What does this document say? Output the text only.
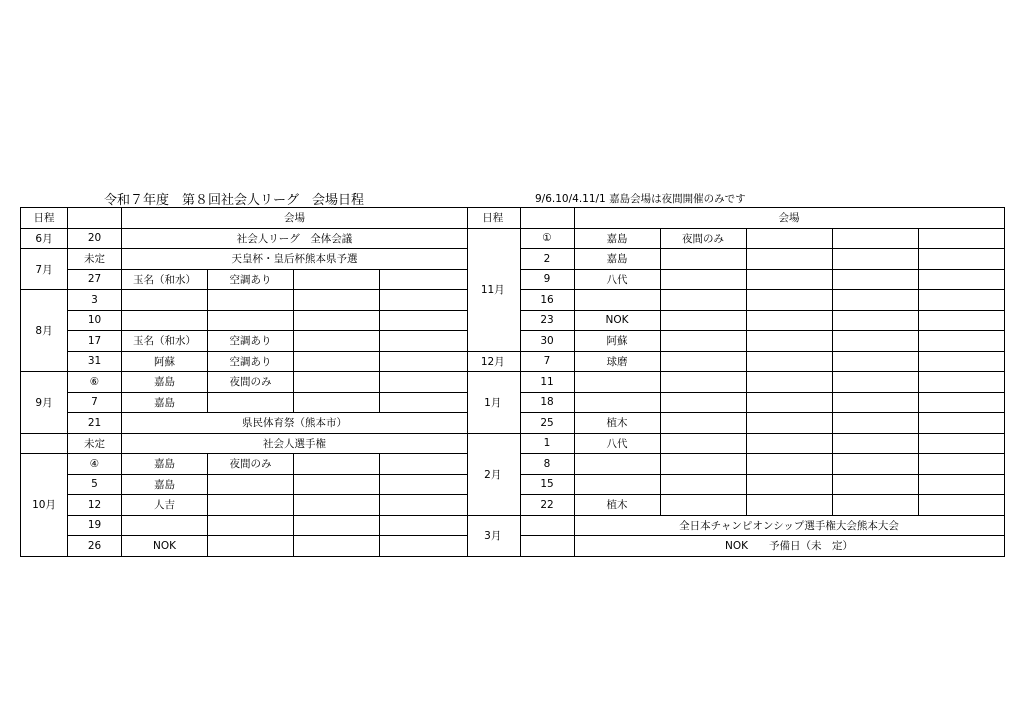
令和７年度　第８回社会人リーグ　会場日程	9/6.10/4.11/1 嘉島会場は夜間開催のみです
日程		会場			
6月	20	社会人リーグ　全体会議			
7月	未定	天皇杯・皇后杯熊本県予選			
	27	玉名（和水）	空調あり		
8月	3				
	10				
	17	玉名（和水）	空調あり		
	31	阿蘇	空調あり		
9月	⑥	嘉島	夜間のみ		
	7	嘉島			
	21	県民体育祭（熊本市）			
	未定	社会人選手権			
10月	④	嘉島	夜間のみ		
	5	嘉島			
	12	人吉			
	19				
	26	NOK			
日程		会場				
11月	①	嘉島	夜間のみ			
	2	嘉島				
	9	八代				
	16					
	23	NOK				
	30	阿蘇				
12月	7	球磨				
1月	11					
	18					
	25	植木				
2月	1	八代				
	8					
	15					
	22	植木				
3月		全日本チャンピオンシップ選手権大会熊本大会				
		NOK　　予備日（未　定）				
